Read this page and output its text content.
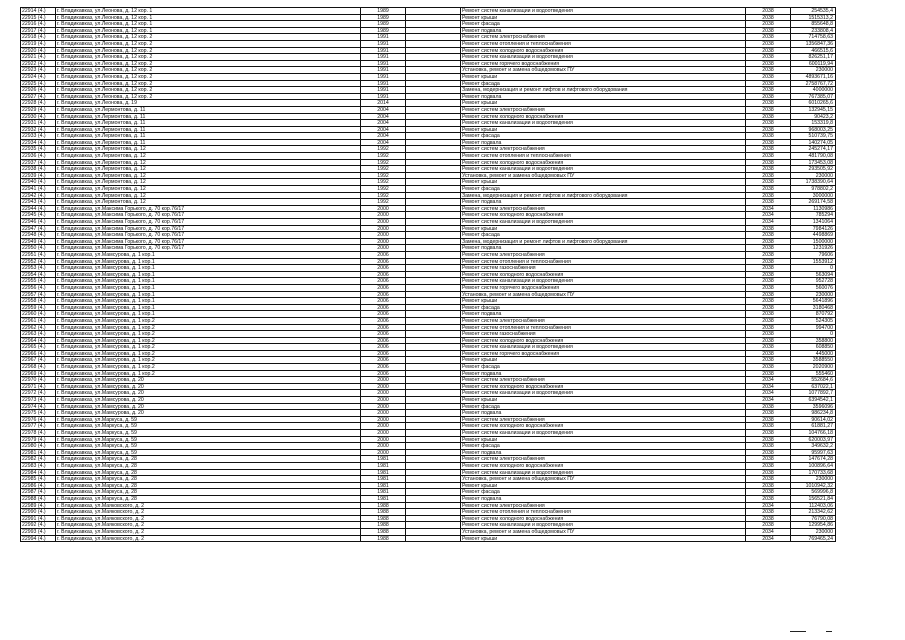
22914 (4.)	г. Владикавказ, ул.Леонова, д. 12 кор. 1	1989	Ремонт систем канализации и водоотведения	2038	254535,4
22915 (4.)	г. Владикавказ, ул.Леонова, д. 12 кор. 1	1989	Ремонт крыши	2038	1515313,2
22916 (4.)	г. Владикавказ, ул.Леонова, д. 12 кор. 1	1989	Ремонт фасада	2038	855648,8
22917 (4.)	г. Владикавказ, ул.Леонова, д. 12 кор. 1	1989	Ремонт подвала	2038	233808,4
22918 (4.)	г. Владикавказ, ул.Леонова, д. 12 кор. 2	1991	Ремонт систем электроснабжения	2038	714758,63
22919 (4.)	г. Владикавказ, ул.Леонова, д. 12 кор. 2	1991	Ремонт систем отопления и теплоснабжения	2038	1356847,36
22920 (4.)	г. Владикавказ, ул.Леонова, д. 12 кор. 2	1991	Ремонт систем холодного водоснабжения	2038	466515,6
22921 (4.)	г. Владикавказ, ул.Леонова, д. 12 кор. 2	1991	Ремонт систем канализации и водоотведения	2038	826251,17
22922 (4.)	г. Владикавказ, ул.Леонова, д. 12 кор. 2	1991	Ремонт систем горячего водоснабжения	2038	600119,94
22923 (4.)	г. Владикавказ, ул.Леонова, д. 12 кор. 2	1991	Установка, ремонт и замена общедомовых ПУ	2038	230000
22924 (4.)	г. Владикавказ, ул.Леонова, д. 12 кор. 2	1991	Ремонт крыши	2038	4893671,16
22925 (4.)	г. Владикавказ, ул.Леонова, д. 12 кор. 2	1991	Ремонт фасада	2038	2758767,72
22926 (4.)	г. Владикавказ, ул.Леонова, д. 12 кор. 2	1991	Замена, модернизация и ремонт лифтов и лифтового оборудования	2038	4000000
22927 (4.)	г. Владикавказ, ул.Леонова, д. 12 кор. 2	1991	Ремонт подвала	2038	767385,07
22928 (4.)	г. Владикавказ, ул.Леонова, д. 19	2014	Ремонт крыши	2038	6010265,6
22929 (4.)	г. Владикавказ, ул.Лермонтова, д. 11	2004	Ремонт систем электроснабжения	2038	132945,15
22930 (4.)	г. Владикавказ, ул.Лермонтова, д. 11	2004	Ремонт систем холодного водоснабжения	2038	90423,2
22931 (4.)	г. Владикавказ, ул.Лермонтова, д. 11	2004	Ремонт систем канализации и водоотведения	2038	153319,8
22932 (4.)	г. Владикавказ, ул.Лермонтова, д. 11	2004	Ремонт крыши	2038	968003,25
22933 (4.)	г. Владикавказ, ул.Лермонтова, д. 11	2004	Ремонт фасада	2038	510739,75
22934 (4.)	г. Владикавказ, ул.Лермонтова, д. 11	2004	Ремонт подвала	2038	140274,05
22935 (4.)	г. Владикавказ, ул.Лермонтова, д. 12	1992	Ремонт систем электроснабжения	2038	245274,17
22936 (4.)	г. Владикавказ, ул.Лермонтова, д. 12	1992	Ремонт систем отопления и теплоснабжения	2038	481790,08
22937 (4.)	г. Владикавказ, ул.Лермонтова, д. 12	1992	Ремонт систем холодного водоснабжения	2038	173453,08
22938 (4.)	г. Владикавказ, ул.Лермонтова, д. 12	1992	Ремонт систем канализации и водоотведения	2038	293505,92
22939 (4.)	г. Владикавказ, ул.Лермонтова, д. 12	1992	Установка, ремонт и замена общедомовых ПУ	2038	230000
22940 (4.)	г. Владикавказ, ул.Лермонтова, д. 12	1992	Ремонт крыши	2038	1738390,64
22941 (4.)	г. Владикавказ, ул.Лермонтова, д. 12	1992	Ремонт фасада	2038	978802,2
22942 (4.)	г. Владикавказ, ул.Лермонтова, д. 12	1992	Замена, модернизация и ремонт лифтов и лифтового оборудования	2038	3000000
22943 (4.)	г. Владикавказ, ул.Лермонтова, д. 12	1992	Ремонт подвала	2038	269174,58
22944 (4.)	г. Владикавказ, ул.Максима Горького, д. 70 кор.76/17	2000	Ремонт систем электроснабжения	2034	1130986
22945 (4.)	г. Владикавказ, ул.Максима Горького, д. 70 кор.76/17	2000	Ремонт систем холодного водоснабжения	2034	785294
22946 (4.)	г. Владикавказ, ул.Максима Горького, д. 70 кор.76/17	2000	Ремонт систем канализации и водоотведения	2034	1341064
22947 (4.)	г. Владикавказ, ул.Максима Горького, д. 70 кор.76/17	2000	Ремонт крыши	2038	7984126
22948 (4.)	г. Владикавказ, ул.Максима Горького, д. 70 кор.76/17	2000	Ремонт фасада	2038	4498869
22949 (4.)	г. Владикавказ, ул.Максима Горького, д. 70 кор.76/17	2000	Замена, модернизация и ремонт лифтов и лифтового оборудования	2038	1500000
22950 (4.)	г. Владикавказ, ул.Максима Горького, д. 70 кор.76/17	2000	Ремонт подвала	2038	1231926
22951 (4.)	г. Владикавказ, ул.Мамсурова, д. 1 кор.1	2006	Ремонт систем электроснабжения	2038	79606
22952 (4.)	г. Владикавказ, ул.Мамсурова, д. 1 кор.1	2006	Ремонт систем отопления и теплоснабжения	2038	1553912
22953 (4.)	г. Владикавказ, ул.Мамсурова, д. 1 кор.1	2006	Ремонт систем газоснабжения	2038	0
22954 (4.)	г. Владикавказ, ул.Мамсурова, д. 1 кор.1	2006	Ремонт систем холодного водоснабжения	2038	563094
22955 (4.)	г. Владикавказ, ул.Мамсурова, д. 1 кор.1	2006	Ремонт систем канализации и водоотведения	2038	952728
22956 (4.)	г. Владикавказ, ул.Мамсурова, д. 1 кор.1	2006	Ремонт систем горячего водоснабжения	2038	560076
22957 (4.)	г. Владикавказ, ул.Мамсурова, д. 1 кор.1	2006	Установка, ремонт и замена общедомовых ПУ	2038	230000
22958 (4.)	г. Владикавказ, ул.Мамсурова, д. 1 кор.1	2006	Ремонт крыши	2038	5641896
22959 (4.)	г. Владикавказ, ул.Мамсурова, д. 1 кор.1	2006	Ремонт фасада	2038	3180468
22960 (4.)	г. Владикавказ, ул.Мамсурова, д. 1 кор.1	2006	Ремонт подвала	2038	870792
22961 (4.)	г. Владикавказ, ул.Мамсурова, д. 1 кор.2	2006	Ремонт систем электроснабжения	2038	524305
22962 (4.)	г. Владикавказ, ул.Мамсурова, д. 1 кор.2	2006	Ремонт систем отопления и теплоснабжения	2038	994700
22963 (4.)	г. Владикавказ, ул.Мамсурова, д. 1 кор.2	2006	Ремонт систем газоснабжения	2038	0
22964 (4.)	г. Владикавказ, ул.Мамсурова, д. 1 кор.2	2006	Ремонт систем холодного водоснабжения	2038	358800
22965 (4.)	г. Владикавказ, ул.Мамсурова, д. 1 кор.2	2006	Ремонт систем канализации и водоотведения	2038	608850
22966 (4.)	г. Владикавказ, ул.Мамсурова, д. 1 кор.2	2006	Ремонт систем горячего водоснабжения	2038	445000
22967 (4.)	г. Владикавказ, ул.Мамсурова, д. 1 кор.2	2006	Ремонт крыши	2038	3588550
22968 (4.)	г. Владикавказ, ул.Мамсурова, д. 1 кор.2	2006	Ремонт фасада	2038	2020900
22969 (4.)	г. Владикавказ, ул.Мамсурова, д. 1 кор.2	2006	Ремонт подвала	2038	555460
22970 (4.)	г. Владикавказ, ул.Мамсурова, д. 20	2000	Ремонт систем электроснабжения	2034	552684,6
22971 (4.)	г. Владикавказ, ул.Мамсурова, д. 20	2000	Ремонт систем холодного водоснабжения	2034	637022,1
22972 (4.)	г. Владикавказ, ул.Мамсурова, д. 20	2000	Ремонт систем канализации и водоотведения	2034	1077892,7
22973 (4.)	г. Владикавказ, ул.Мамсурова, д. 20	2000	Ремонт крыши	2034	6394542,1
22974 (4.)	г. Владикавказ, ул.Мамсурова, д. 20	2000	Ремонт фасада	2038	3596096
22975 (4.)	г. Владикавказ, ул.Мамсурова, д. 20	2000	Ремонт подвала	2038	986234,8
22976 (4.)	г. Владикавказ, ул.Маркуса, д. 59	2000	Ремонт систем электроснабжения	2038	90614,02
22977 (4.)	г. Владикавказ, ул.Маркуса, д. 59	2000	Ремонт систем холодного водоснабжения	2038	61881,27
22978 (4.)	г. Владикавказ, ул.Маркуса, д. 59	2000	Ремонт систем канализации и водоотведения	2038	104766,18
22979 (4.)	г. Владикавказ, ул.Маркуса, д. 59	2000	Ремонт крыши	2038	620003,97
22980 (4.)	г. Владикавказ, ул.Маркуса, д. 59	2000	Ремонт фасада	2038	349632,2
22981 (4.)	г. Владикавказ, ул.Маркуса, д. 59	2000	Ремонт подвала	2038	95997,63
22982 (4.)	г. Владикавказ, ул.Маркуса, д. 28	1981	Ремонт систем электроснабжения	2038	147674,28
22983 (4.)	г. Владикавказ, ул.Маркуса, д. 28	1981	Ремонт систем холодного водоснабжения	2038	100896,64
22984 (4.)	г. Владикавказ, ул.Маркуса, д. 28	1981	Ремонт систем канализации и водоотведения	2038	170733,68
22985 (4.)	г. Владикавказ, ул.Маркуса, д. 28	1981	Установка, ремонт и замена общедомовых ПУ	2038	230000
22986 (4.)	г. Владикавказ, ул.Маркуса, д. 28	1981	Ремонт крыши	2038	1010942,32
22987 (4.)	г. Владикавказ, ул.Маркуса, д. 28	1981	Ремонт фасада	2038	569996,8
22988 (4.)	г. Владикавказ, ул.Маркуса, д. 28	1981	Ремонт подвала	2038	156521,84
22989 (4.)	г. Владикавказ, ул.Маяковского, д. 2	1988	Ремонт систем электроснабжения	2034	112403,06
22990 (4.)	г. Владикавказ, ул.Маяковского, д. 2	1988	Ремонт систем отопления и теплоснабжения	2038	213342,62
22991 (4.)	г. Владикавказ, ул.Маяковского, д. 2	1988	Ремонт систем холодного водоснабжения	2038	76790,08
22992 (4.)	г. Владикавказ, ул.Маяковского, д. 2	1988	Ремонт систем канализации и водоотведения	2038	129954,86
22993 (4.)	г. Владикавказ, ул.Маяковского, д. 2	1988	Установка, ремонт и замена общедомовых ПУ	2034	230000
22994 (4.)	г. Владикавказ, ул.Маяковского, д. 2	1988	Ремонт крыши	2034	769465,24
